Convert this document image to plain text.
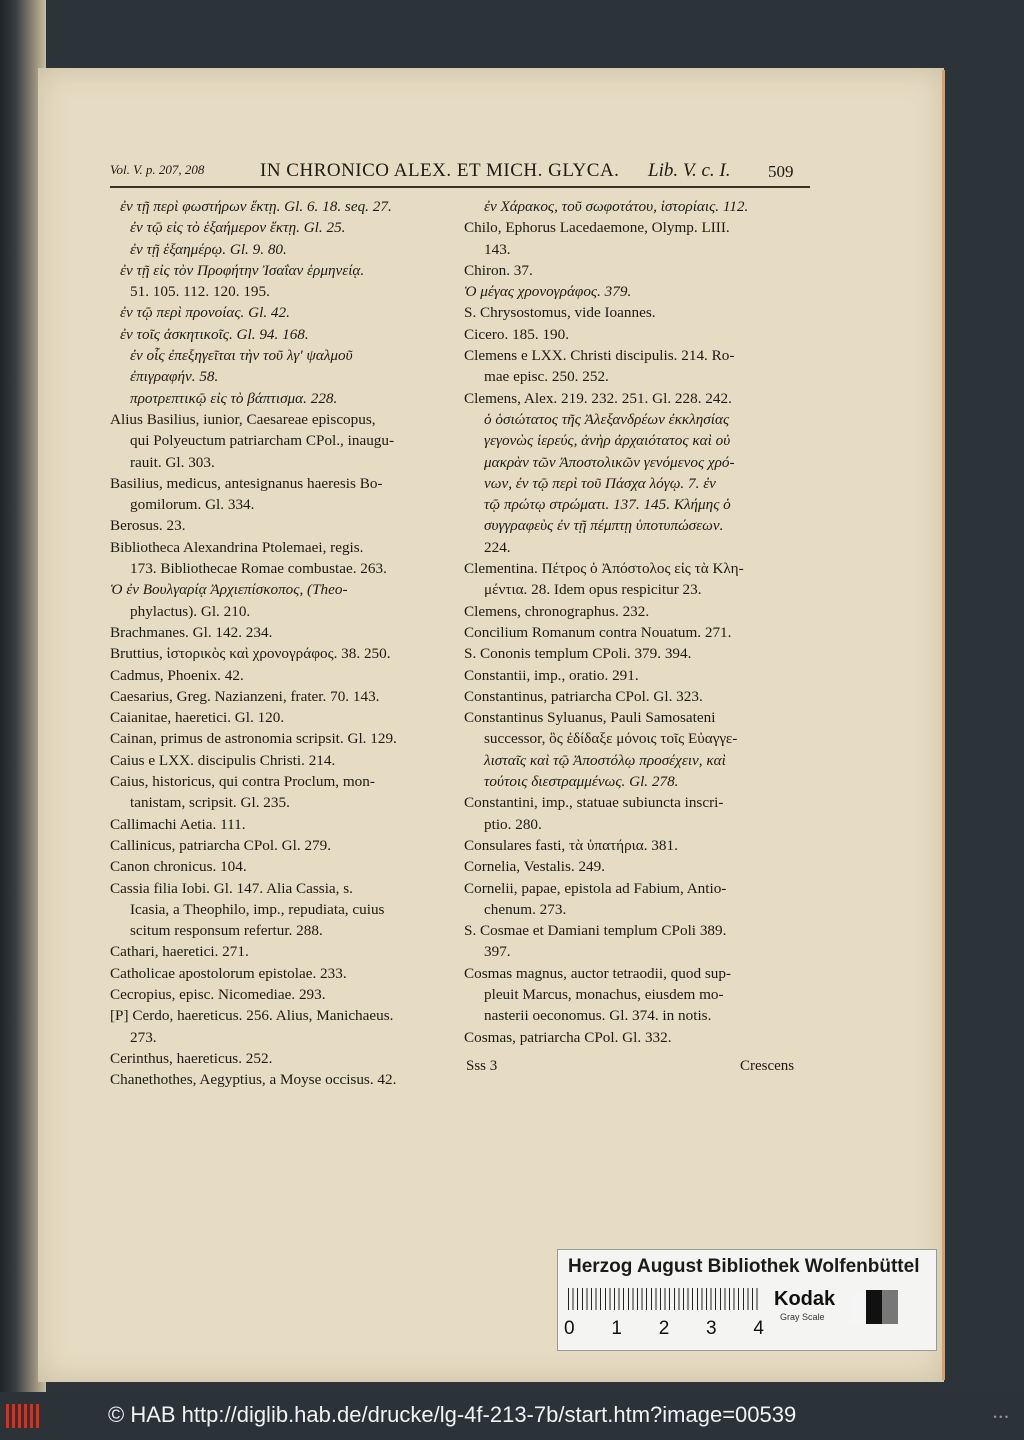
Vol. V. p. 207, 208	IN CHRONICO ALEX. ET MICH. GLYCA. Lib. V. c. I. 509
ἐν τῇ περὶ φωστήρων ἕκτῃ. Gl. 6. 18. seq. 27.
ἐν τῷ εἰς τὸ ἑξαήμερον ἕκτῃ. Gl. 25.
ἐν τῇ ἑξαημέρῳ. Gl. 9. 80.
ἐν τῇ εἰς τὸν Προφήτην Ἰσαΐαν ἑρμηνείᾳ.
51. 105. 112. 120. 195.
ἐν τῷ περὶ προνοίας. Gl. 42.
ἐν τοῖς ἀσκητικοῖς. Gl. 94. 168.
ἐν οἷς ἐπεξηγεῖται τὴν τοῦ λγ' ψαλμοῦ
ἐπιγραφήν. 58.
προτρεπτικῷ εἰς τὸ βάπτισμα. 228.
Alius Basilius, iunior, Caesareae episcopus,
qui Polyeuctum patriarcham CPol., inaugu-
rauit. Gl. 303.
Basilius, medicus, antesignanus haeresis Bo-
gomilorum. Gl. 334.
Berosus. 23.
Bibliotheca Alexandrina Ptolemaei, regis.
173. Bibliothecae Romae combustae. 263.
Ὁ ἐν Βουλγαρίᾳ Ἀρχιεπίσκοπος, (Theo-
phylactus). Gl. 210.
Brachmanes. Gl. 142. 234.
Bruttius, ἱστορικὸς καὶ χρονογράφος. 38. 250.
Cadmus, Phoenix. 42.
Caesarius, Greg. Nazianzeni, frater. 70. 143.
Caianitae, haeretici. Gl. 120.
Cainan, primus de astronomia scripsit. Gl. 129.
Caius e LXX. discipulis Christi. 214.
Caius, historicus, qui contra Proclum, mon-
tanistam, scripsit. Gl. 235.
Callimachi Aetia. 111.
Callinicus, patriarcha CPol. Gl. 279.
Canon chronicus. 104.
Cassia filia Iobi. Gl. 147. Alia Cassia, s.
Icasia, a Theophilo, imp., repudiata, cuius
scitum responsum refertur. 288.
Cathari, haeretici. 271.
Catholicae apostolorum epistolae. 233.
Cecropius, episc. Nicomediae. 293.
[P] Cerdo, haereticus. 256. Alius, Manichaeus.
273.
Cerinthus, haereticus. 252.
Chanethothes, Aegyptius, a Moyse occisus. 42.
ἐν Χάρακος, τοῦ σωφοτάτου, ἱστορίαις. 112.
Chilo, Ephorus Lacedaemone, Olymp. LIII.
143.
Chiron. 37.
Ὁ μέγας χρονογράφος. 379.
S. Chrysostomus, vide Ioannes.
Cicero. 185. 190.
Clemens e LXX. Christi discipulis. 214. Ro-
mae episc. 250. 252.
Clemens, Alex. 219. 232. 251. Gl. 228. 242.
ὁ ὁσιώτατος τῆς Ἀλεξανδρέων ἐκκλησίας
γεγονὼς ἱερεύς, ἀνὴρ ἀρχαιότατος καὶ οὐ
μακρὰν τῶν Ἀποστολικῶν γενόμενος χρό-
νων, ἐν τῷ περὶ τοῦ Πάσχα λόγῳ. 7. ἐν
τῷ πρώτῳ στρώματι. 137. 145. Κλήμης ὁ
συγγραφεὺς ἐν τῇ πέμπτῃ ὑποτυπώσεων.
224.
Clementina. Πέτρος ὁ Ἀπόστολος εἰς τὰ Κλη-
μέντια. 28. Idem opus respicitur 23.
Clemens, chronographus. 232.
Concilium Romanum contra Nouatum. 271.
S. Cononis templum CPoli. 379. 394.
Constantii, imp., oratio. 291.
Constantinus, patriarcha CPol. Gl. 323.
Constantinus Syluanus, Pauli Samosateni
successor, ὃς ἐδίδαξε μόνοις τοῖς Εὐαγγε-
λισταῖς καὶ τῷ Ἀποστόλῳ προσέχειν, καὶ
τούτοις διεστραμμένως. Gl. 278.
Constantini, imp., statuae subiuncta inscri-
ptio. 280.
Consulares fasti, τὰ ὑπατήρια. 381.
Cornelia, Vestalis. 249.
Cornelii, papae, epistola ad Fabium, Antio-
chenum. 273.
S. Cosmae et Damiani templum CPoli 389.
397.
Cosmas magnus, auctor tetraodii, quod sup-
pleuit Marcus, monachus, eiusdem mo-
nasterii oeconomus. Gl. 374. in notis.
Cosmas, patriarcha CPol. Gl. 332.
Sss 3	Crescens
Herzog August Bibliothek Wolfenbüttel
0 1 2 3 4
Kodak
Gray Scale
© HAB http://diglib.hab.de/drucke/lg-4f-213-7b/start.htm?image=00539	• • •
